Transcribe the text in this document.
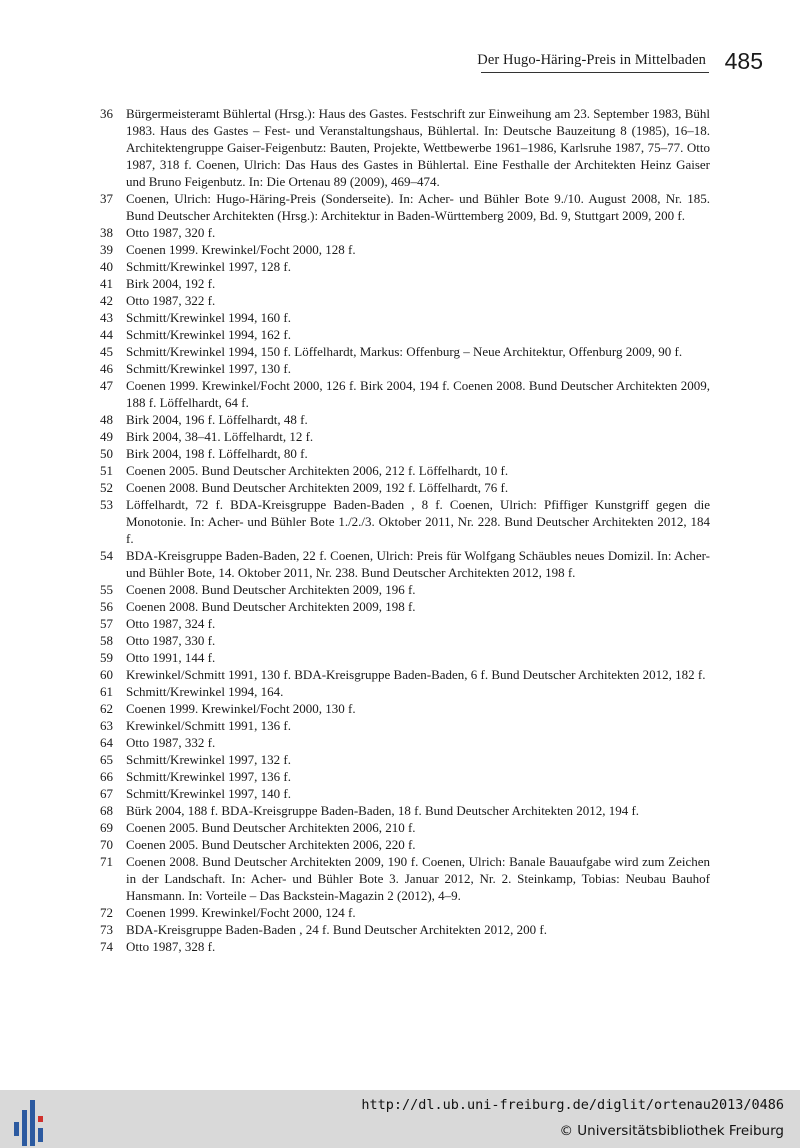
Der Hugo-Häring-Preis in Mittelbaden 485
36	Bürgermeisteramt Bühlertal (Hrsg.): Haus des Gastes. Festschrift zur Einweihung am 23. September 1983, Bühl 1983. Haus des Gastes – Fest- und Veranstaltungshaus, Bühlertal. In: Deutsche Bauzeitung 8 (1985), 16–18. Architektengruppe Gaiser-Feigenbutz: Bauten, Projekte, Wettbewerbe 1961–1986, Karlsruhe 1987, 75–77. Otto 1987, 318 f. Coenen, Ulrich: Das Haus des Gastes in Bühlertal. Eine Festhalle der Architekten Heinz Gaiser und Bruno Feigenbutz. In: Die Ortenau 89 (2009), 469–474.
37	Coenen, Ulrich: Hugo-Häring-Preis (Sonderseite). In: Acher- und Bühler Bote 9./10. August 2008, Nr. 185. Bund Deutscher Architekten (Hrsg.): Architektur in Baden-Württemberg 2009, Bd. 9, Stuttgart 2009, 200 f.
38	Otto 1987, 320 f.
39	Coenen 1999. Krewinkel/Focht 2000, 128 f.
40	Schmitt/Krewinkel 1997, 128 f.
41	Birk 2004, 192 f.
42	Otto 1987, 322 f.
43	Schmitt/Krewinkel 1994, 160 f.
44	Schmitt/Krewinkel 1994, 162 f.
45	Schmitt/Krewinkel 1994, 150 f. Löffelhardt, Markus: Offenburg – Neue Architektur, Offenburg 2009, 90 f.
46	Schmitt/Krewinkel 1997, 130 f.
47	Coenen 1999. Krewinkel/Focht 2000, 126 f. Birk 2004, 194 f. Coenen 2008. Bund Deutscher Architekten 2009, 188 f. Löffelhardt, 64 f.
48	Birk 2004, 196 f. Löffelhardt, 48 f.
49	Birk 2004, 38–41. Löffelhardt, 12 f.
50	Birk 2004, 198 f. Löffelhardt, 80 f.
51	Coenen 2005. Bund Deutscher Architekten 2006, 212 f. Löffelhardt, 10 f.
52	Coenen 2008. Bund Deutscher Architekten 2009, 192 f. Löffelhardt, 76 f.
53	Löffelhardt, 72 f. BDA-Kreisgruppe Baden-Baden , 8 f. Coenen, Ulrich: Pfiffiger Kunstgriff gegen die Monotonie. In: Acher- und Bühler Bote 1./2./3. Oktober 2011, Nr. 228. Bund Deutscher Architekten 2012, 184 f.
54	BDA-Kreisgruppe Baden-Baden, 22 f. Coenen, Ulrich: Preis für Wolfgang Schäubles neues Domizil. In: Acher- und Bühler Bote, 14. Oktober 2011, Nr. 238. Bund Deutscher Architekten 2012, 198 f.
55	Coenen 2008. Bund Deutscher Architekten 2009, 196 f.
56	Coenen 2008. Bund Deutscher Architekten 2009, 198 f.
57	Otto 1987, 324 f.
58	Otto 1987, 330 f.
59	Otto 1991, 144 f.
60	Krewinkel/Schmitt 1991, 130 f. BDA-Kreisgruppe Baden-Baden, 6 f. Bund Deutscher Architekten 2012, 182 f.
61	Schmitt/Krewinkel 1994, 164.
62	Coenen 1999. Krewinkel/Focht 2000, 130 f.
63	Krewinkel/Schmitt 1991, 136 f.
64	Otto 1987, 332 f.
65	Schmitt/Krewinkel 1997, 132 f.
66	Schmitt/Krewinkel 1997, 136 f.
67	Schmitt/Krewinkel 1997, 140 f.
68	Bürk 2004, 188 f. BDA-Kreisgruppe Baden-Baden, 18 f. Bund Deutscher Architekten 2012, 194 f.
69	Coenen 2005. Bund Deutscher Architekten 2006, 210 f.
70	Coenen 2005. Bund Deutscher Architekten 2006, 220 f.
71	Coenen 2008. Bund Deutscher Architekten 2009, 190 f. Coenen, Ulrich: Banale Bauaufgabe wird zum Zeichen in der Landschaft. In: Acher- und Bühler Bote 3. Januar 2012, Nr. 2. Steinkamp, Tobias: Neubau Bauhof Hansmann. In: Vorteile – Das Backstein-Magazin 2 (2012), 4–9.
72	Coenen 1999. Krewinkel/Focht 2000, 124 f.
73	BDA-Kreisgruppe Baden-Baden , 24 f. Bund Deutscher Architekten 2012, 200 f.
74	Otto 1987, 328 f.
http://dl.ub.uni-freiburg.de/diglit/ortenau2013/0486
© Universitätsbibliothek Freiburg
